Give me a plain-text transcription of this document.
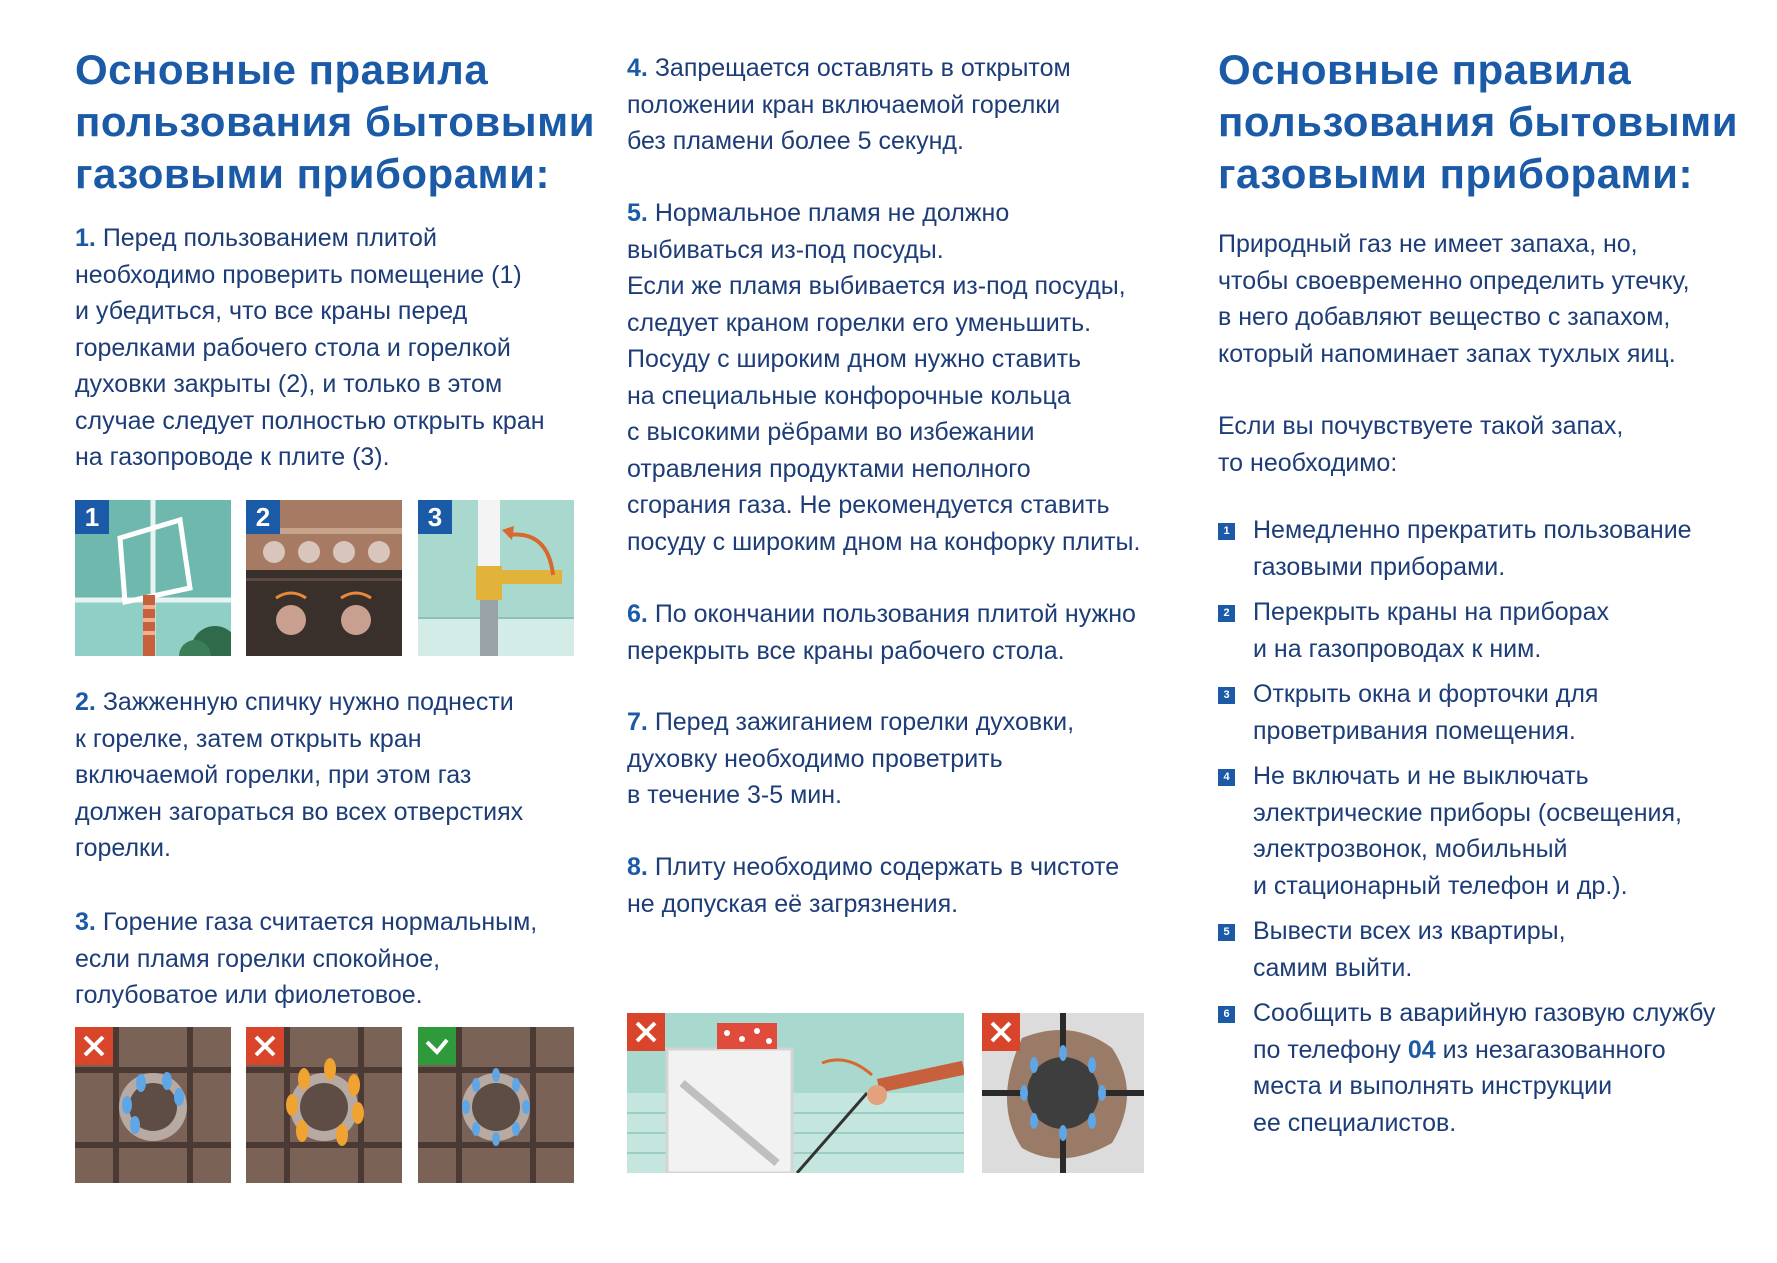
Основные правила
пользования бытовыми
газовыми приборами:
1. Перед пользованием плитой
необходимо проверить помещение (1)
и убедиться, что все краны перед
горелками рабочего стола и горелкой
духовки закрыты (2), и только в этом
случае следует полностью открыть кран
на газопроводе к плите (3).
1	2	3
2. Зажженную спичку нужно поднести
к горелке, затем открыть кран
включаемой горелки, при этом газ
должен загораться во всех отверстиях
горелки.
3. Горение газа считается нормальным,
если пламя горелки спокойное,
голубоватое или фиолетовое.
4. Запрещается оставлять в открытом
положении кран включаемой горелки
без пламени более 5 секунд.
5. Нормальное пламя не должно
выбиваться из-под посуды.
Если же пламя выбивается из-под посуды,
следует краном горелки его уменьшить.
Посуду с широким дном нужно ставить
на специальные конфорочные кольца
с высокими рёбрами во избежании
отравления продуктами неполного
сгорания газа. Не рекомендуется ставить
посуду с широким дном на конфорку плиты.
6. По окончании пользования плитой нужно
перекрыть все краны рабочего стола.
7. Перед зажиганием горелки духовки,
духовку необходимо проветрить
в течение 3-5 мин.
8. Плиту необходимо содержать в чистоте
не допуская её загрязнения.
Основные правила
пользования бытовыми
газовыми приборами:
Природный газ не имеет запаха, но,
чтобы своевременно определить утечку,
в него добавляют вещество с запахом,
который напоминает запах тухлых яиц.
Если вы почувствуете такой запах,
то необходимо:
1 Немедленно прекратить пользование
газовыми приборами.
2 Перекрыть краны на приборах
и на газопроводах к ним.
3 Открыть окна и форточки для
проветривания помещения.
4 Не включать и не выключать
электрические приборы (освещения,
электрозвонок, мобильный
и стационарный телефон и др.).
5 Вывести всех из квартиры,
самим выйти.
6 Сообщить в аварийную газовую службу
по телефону 04 из незагазованного
места и выполнять инструкции
ее специалистов.
